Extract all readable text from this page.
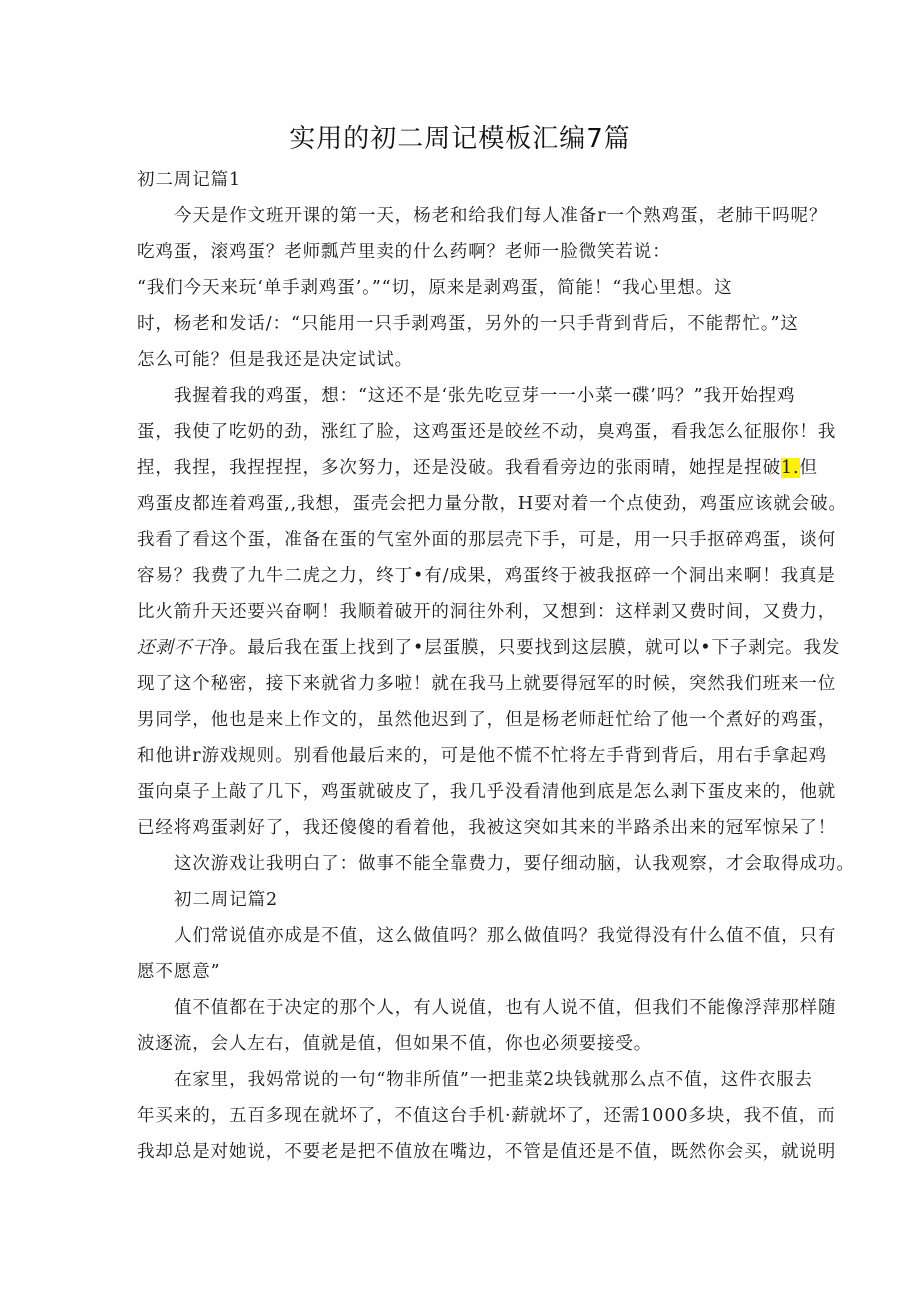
实用的初二周记模板汇编7篇
初二周记篇1
今天是作文班开课的第一天，杨老和给我们每人准备r一个熟鸡蛋，老肺干吗呢？
吃鸡蛋，滚鸡蛋？老师瓢芦里卖的什么药啊？老师一脸微笑若说：
“我们今天来玩‘单手剥鸡蛋’。”“切，原来是剥鸡蛋，简能！“我心里想。这
时，杨老和发话/：“只能用一只手剥鸡蛋，另外的一只手背到背后，不能帮忙。”这
怎么可能？但是我还是决定试试。
我握着我的鸡蛋，想：“这还不是‘张先吃豆芽一一小菜一碟’吗？”我开始捏鸡
蛋，我使了吃奶的劲，涨红了脸，这鸡蛋还是皎丝不动，臭鸡蛋，看我怎么征服你！我
捏，我捏，我捏捏捏，多次努力，还是没破。我看看旁边的张雨晴，她捏是捏破1.但
鸡蛋皮都连着鸡蛋,,我想，蛋壳会把力量分散，H要对着一个点使劲，鸡蛋应该就会破。
我看了看这个蛋，准备在蛋的气室外面的那层壳下手，可是，用一只手抠碎鸡蛋，谈何
容易？我费了九牛二虎之力，终丁•有/成果，鸡蛋终于被我抠碎一个洞出来啊！我真是
比火箭升天还要兴奋啊！我顺着破开的洞往外利，又想到：这样剥又费时间，又费力，
还剥不干净。最后我在蛋上找到了•层蛋膜，只要找到这层膜，就可以•下子剥完。我发
现了这个秘密，接下来就省力多啦！就在我马上就要得冠军的时候，突然我们班来一位
男同学，他也是来上作文的，虽然他迟到了，但是杨老师赶忙给了他一个煮好的鸡蛋，
和他讲r游戏规则。别看他最后来的，可是他不慌不忙将左手背到背后，用右手拿起鸡
蛋向桌子上敲了几下，鸡蛋就破皮了，我几乎没看清他到底是怎么剥下蛋皮来的，他就
已经将鸡蛋剥好了，我还傻傻的看着他，我被这突如其来的半路杀出来的冠军惊呆了！
这次游戏让我明白了：做事不能全靠费力，要仔细动脑，认我观察，才会取得成功。
初二周记篇2
人们常说值亦成是不值，这么做值吗？那么做值吗？我觉得没有什么值不值，只有
愿不愿意”
值不值都在于决定的那个人，有人说值，也有人说不值，但我们不能像浮萍那样随
波逐流，会人左右，值就是值，但如果不值，你也必须要接受。
在家里，我妈常说的一句“物非所值”一把韭菜2块钱就那么点不值，这件衣服去
年买来的，五百多现在就坏了，不值这台手机·薪就坏了，还需1000多块，我不值，而
我却总是对她说，不要老是把不值放在嘴边，不管是值还是不值，既然你会买，就说明
